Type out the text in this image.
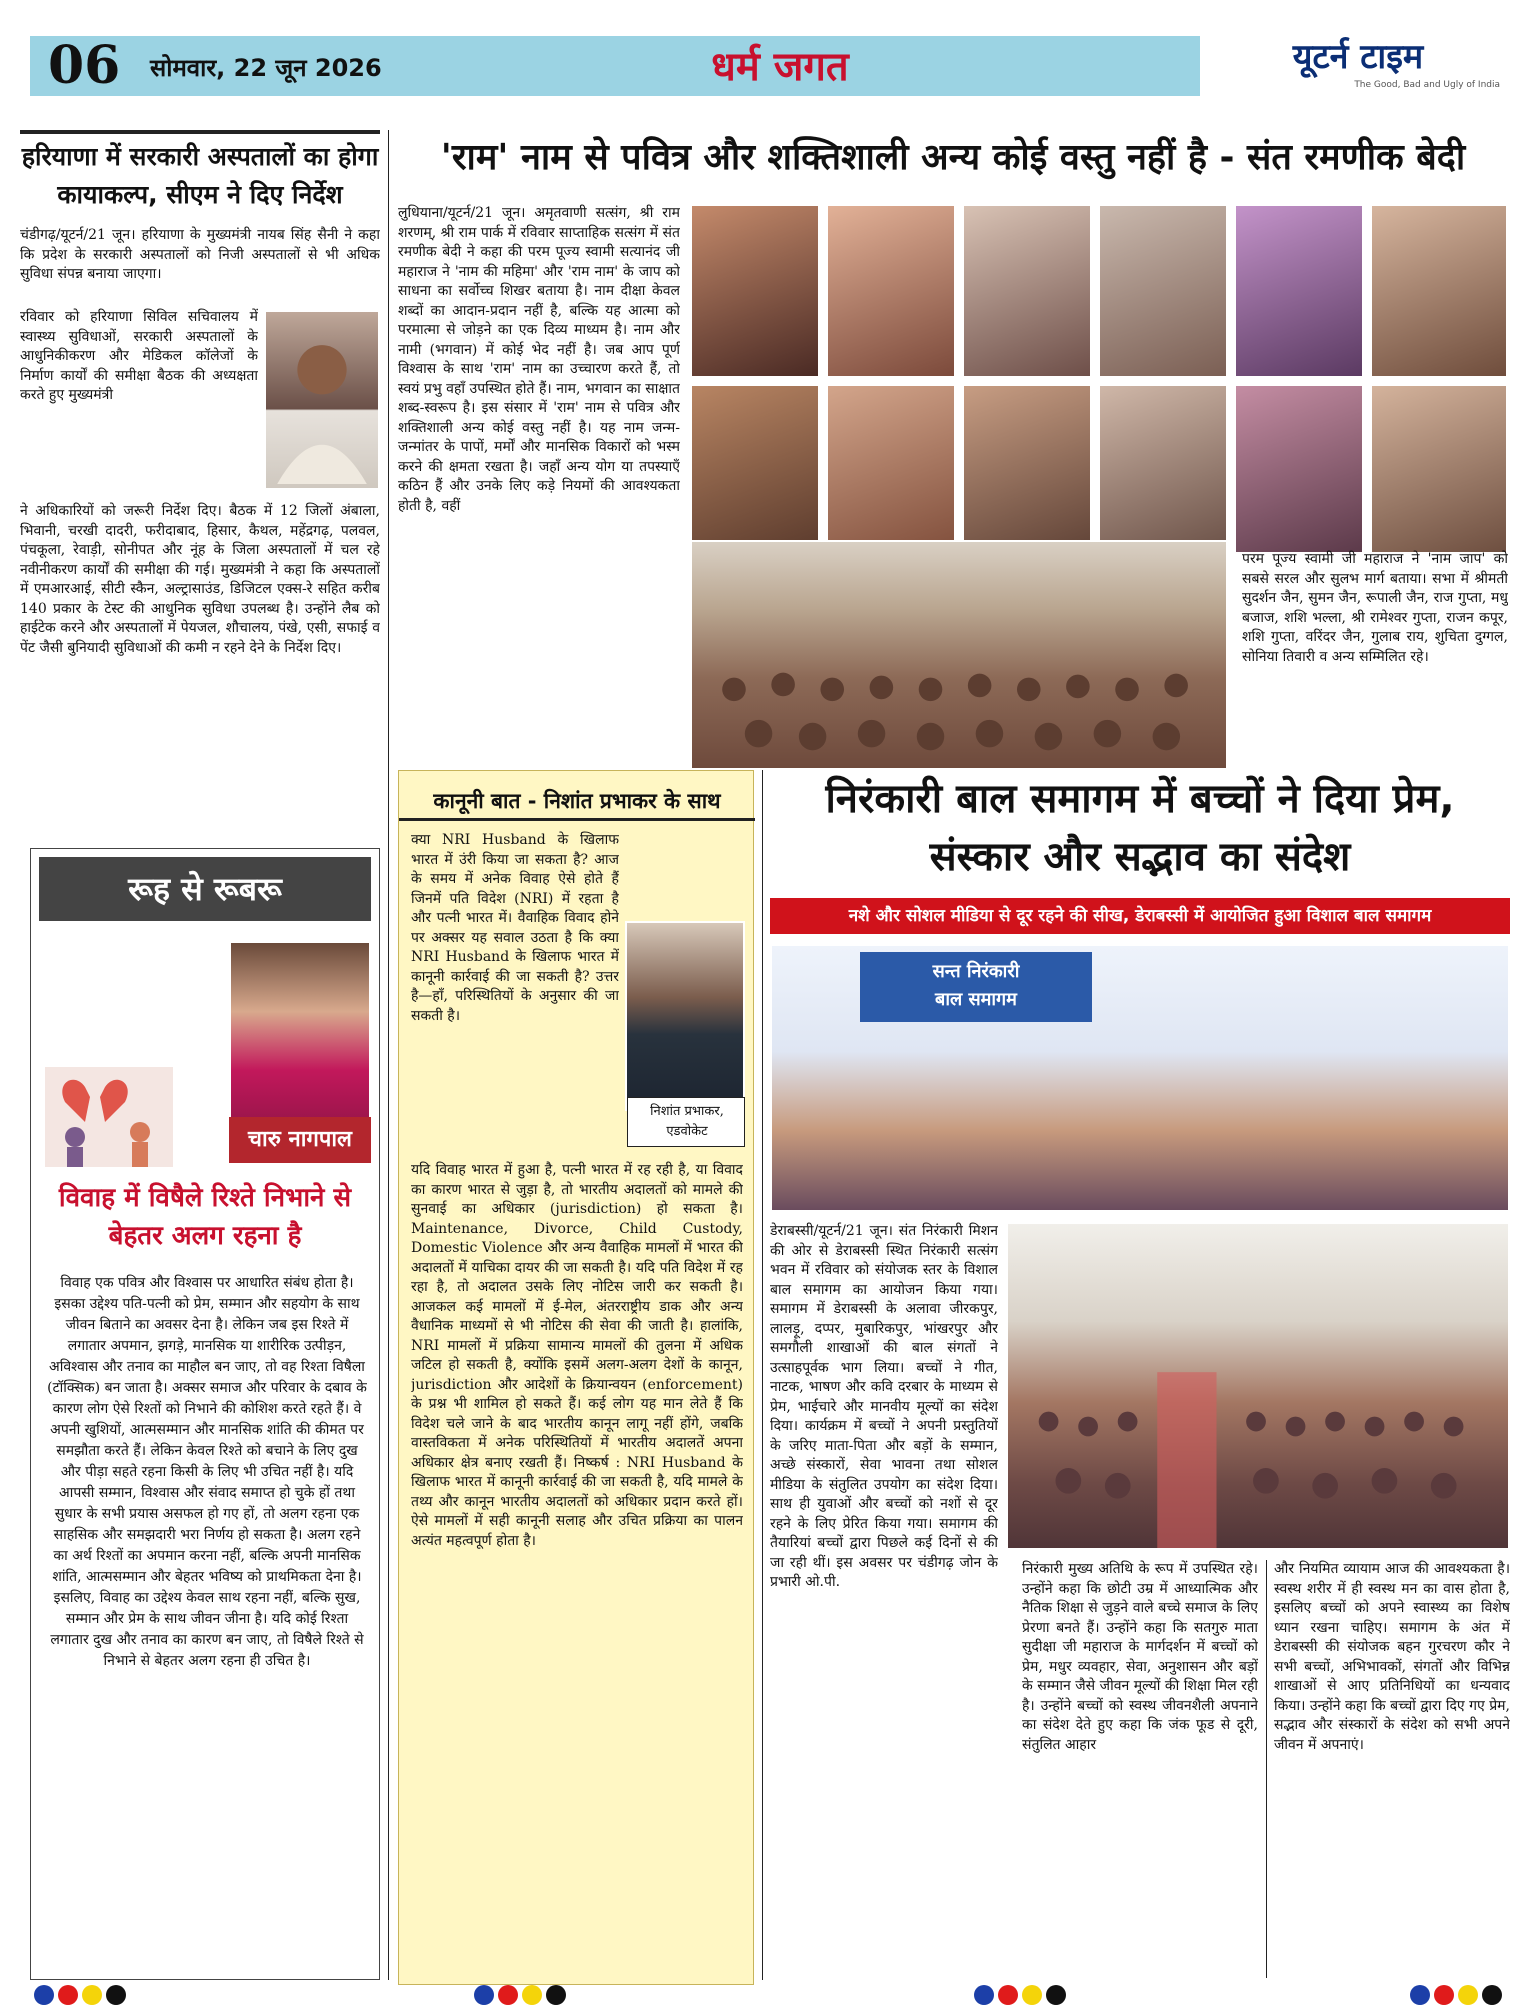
06	सोमवार, 22 जून 2026	धर्म जगत	यूटर्न टाइम
The Good, Bad and Ugly of India
हरियाणा में सरकारी अस्पतालों का होगा कायाकल्प, सीएम ने दिए निर्देश
चंडीगढ़/यूटर्न/21 जून। हरियाणा के मुख्यमंत्री नायब सिंह सैनी ने कहा कि प्रदेश के सरकारी अस्पतालों को निजी अस्पतालों से भी अधिक सुविधा संपन्न बनाया जाएगा।
रविवार को हरियाणा सिविल सचिवालय में स्वास्थ्य सुविधाओं, सरकारी अस्पतालों के आधुनिकीकरण और मेडिकल कॉलेजों के निर्माण कार्यों की समीक्षा बैठक की अध्यक्षता करते हुए मुख्यमंत्री
ने अधिकारियों को जरूरी निर्देश दिए। बैठक में 12 जिलों अंबाला, भिवानी, चरखी दादरी, फरीदाबाद, हिसार, कैथल, महेंद्रगढ़, पलवल, पंचकूला, रेवाड़ी, सोनीपत और नूंह के जिला अस्पतालों में चल रहे नवीनीकरण कार्यों की समीक्षा की गई। मुख्यमंत्री ने कहा कि अस्पतालों में एमआरआई, सीटी स्कैन, अल्ट्रासाउंड, डिजिटल एक्स-रे सहित करीब 140 प्रकार के टेस्ट की आधुनिक सुविधा उपलब्ध है। उन्होंने लैब को हाईटेक करने और अस्पतालों में पेयजल, शौचालय, पंखे, एसी, सफाई व पेंट जैसी बुनियादी सुविधाओं की कमी न रहने देने के निर्देश दिए।
'राम' नाम से पवित्र और शक्तिशाली अन्य कोई वस्तु नहीं है - संत रमणीक बेदी
लुधियाना/यूटर्न/21 जून। अमृतवाणी सत्संग, श्री राम शरणम्, श्री राम पार्क में रविवार साप्ताहिक सत्संग में संत रमणीक बेदी ने कहा की परम पूज्य स्वामी सत्यानंद जी महाराज ने 'नाम की महिमा' और 'राम नाम' के जाप को साधना का सर्वोच्च शिखर बताया है। नाम दीक्षा केवल शब्दों का आदान-प्रदान नहीं है, बल्कि यह आत्मा को परमात्मा से जोड़ने का एक दिव्य माध्यम है। नाम और नामी (भगवान) में कोई भेद नहीं है। जब आप पूर्ण विश्वास के साथ 'राम' नाम का उच्चारण करते हैं, तो स्वयं प्रभु वहाँ उपस्थित होते हैं। नाम, भगवान का साक्षात शब्द-स्वरूप है। इस संसार में 'राम' नाम से पवित्र और शक्तिशाली अन्य कोई वस्तु नहीं है। यह नाम जन्म-जन्मांतर के पापों, मर्मों और मानसिक विकारों को भस्म करने की क्षमता रखता है। जहाँ अन्य योग या तपस्याएँ कठिन हैं और उनके लिए कड़े नियमों की आवश्यकता होती है, वहीं
परम पूज्य स्वामी जी महाराज ने 'नाम जाप' को सबसे सरल और सुलभ मार्ग बताया। सभा में श्रीमती सुदर्शन जैन, सुमन जैन, रूपाली जैन, राज गुप्ता, मधु बजाज, शशि भल्ला, श्री रामेश्वर गुप्ता, राजन कपूर, शशि गुप्ता, वरिंदर जैन, गुलाब राय, शुचिता दुग्गल, सोनिया तिवारी व अन्य सम्मिलित रहे।
रूह से रूबरू
चारु नागपाल
विवाह में विषैले रिश्ते निभाने से बेहतर अलग रहना है
विवाह एक पवित्र और विश्वास पर आधारित संबंध होता है। इसका उद्देश्य पति-पत्नी को प्रेम, सम्मान और सहयोग के साथ जीवन बिताने का अवसर देना है। लेकिन जब इस रिश्ते में लगातार अपमान, झगड़े, मानसिक या शारीरिक उत्पीड़न, अविश्वास और तनाव का माहौल बन जाए, तो वह रिश्ता विषैला (टॉक्सिक) बन जाता है। अक्सर समाज और परिवार के दबाव के कारण लोग ऐसे रिश्तों को निभाने की कोशिश करते रहते हैं। वे अपनी खुशियों, आत्मसम्मान और मानसिक शांति की कीमत पर समझौता करते हैं। लेकिन केवल रिश्ते को बचाने के लिए दुख और पीड़ा सहते रहना किसी के लिए भी उचित नहीं है। यदि आपसी सम्मान, विश्वास और संवाद समाप्त हो चुके हों तथा सुधार के सभी प्रयास असफल हो गए हों, तो अलग रहना एक साहसिक और समझदारी भरा निर्णय हो सकता है। अलग रहने का अर्थ रिश्तों का अपमान करना नहीं, बल्कि अपनी मानसिक शांति, आत्मसम्मान और बेहतर भविष्य को प्राथमिकता देना है। इसलिए, विवाह का उद्देश्य केवल साथ रहना नहीं, बल्कि सुख, सम्मान और प्रेम के साथ जीवन जीना है। यदि कोई रिश्ता लगातार दुख और तनाव का कारण बन जाए, तो विषैले रिश्ते से निभाने से बेहतर अलग रहना ही उचित है।
कानूनी बात - निशांत प्रभाकर के साथ
क्या NRI Husband के खिलाफ भारत में उंरी किया जा सकता है? आज के समय में अनेक विवाह ऐसे होते हैं जिनमें पति विदेश (NRI) में रहता है और पत्नी भारत में। वैवाहिक विवाद होने पर अक्सर यह सवाल उठता है कि क्या NRI Husband के खिलाफ भारत में कानूनी कार्रवाई की जा सकती है? उत्तर है—हाँ, परिस्थितियों के अनुसार की जा सकती है।
निशांत प्रभाकर, एडवोकेट
यदि विवाह भारत में हुआ है, पत्नी भारत में रह रही है, या विवाद का कारण भारत से जुड़ा है, तो भारतीय अदालतों को मामले की सुनवाई का अधिकार (jurisdiction) हो सकता है। Maintenance, Divorce, Child Custody, Domestic Violence और अन्य वैवाहिक मामलों में भारत की अदालतों में याचिका दायर की जा सकती है। यदि पति विदेश में रह रहा है, तो अदालत उसके लिए नोटिस जारी कर सकती है। आजकल कई मामलों में ई-मेल, अंतरराष्ट्रीय डाक और अन्य वैधानिक माध्यमों से भी नोटिस की सेवा की जाती है। हालांकि, NRI मामलों में प्रक्रिया सामान्य मामलों की तुलना में अधिक जटिल हो सकती है, क्योंकि इसमें अलग-अलग देशों के कानून, jurisdiction और आदेशों के क्रियान्वयन (enforcement) के प्रश्न भी शामिल हो सकते हैं। कई लोग यह मान लेते हैं कि विदेश चले जाने के बाद भारतीय कानून लागू नहीं होंगे, जबकि वास्तविकता में अनेक परिस्थितियों में भारतीय अदालतें अपना अधिकार क्षेत्र बनाए रखती हैं। निष्कर्ष : NRI Husband के खिलाफ भारत में कानूनी कार्रवाई की जा सकती है, यदि मामले के तथ्य और कानून भारतीय अदालतों को अधिकार प्रदान करते हों। ऐसे मामलों में सही कानूनी सलाह और उचित प्रक्रिया का पालन अत्यंत महत्वपूर्ण होता है।
निरंकारी बाल समागम में बच्चों ने दिया प्रेम, संस्कार और सद्भाव का संदेश
नशे और सोशल मीडिया से दूर रहने की सीख, डेराबस्सी में आयोजित हुआ विशाल बाल समागम
सन्त निरंकारी
बाल समागम
डेराबस्सी/यूटर्न/21 जून। संत निरंकारी मिशन की ओर से डेराबस्सी स्थित निरंकारी सत्संग भवन में रविवार को संयोजक स्तर के विशाल बाल समागम का आयोजन किया गया। समागम में डेराबस्सी के अलावा जीरकपुर, लालड़ू, दप्पर, मुबारिकपुर, भांखरपुर और समगौली शाखाओं की बाल संगतों ने उत्साहपूर्वक भाग लिया। बच्चों ने गीत, नाटक, भाषण और कवि दरबार के माध्यम से प्रेम, भाईचारे और मानवीय मूल्यों का संदेश दिया। कार्यक्रम में बच्चों ने अपनी प्रस्तुतियों के जरिए माता-पिता और बड़ों के सम्मान, अच्छे संस्कारों, सेवा भावना तथा सोशल मीडिया के संतुलित उपयोग का संदेश दिया। साथ ही युवाओं और बच्चों को नशों से दूर रहने के लिए प्रेरित किया गया। समागम की तैयारियां बच्चों द्वारा पिछले कई दिनों से की जा रही थीं। इस अवसर पर चंडीगढ़ जोन के प्रभारी ओ.पी.
निरंकारी मुख्य अतिथि के रूप में उपस्थित रहे। उन्होंने कहा कि छोटी उम्र में आध्यात्मिक और नैतिक शिक्षा से जुड़ने वाले बच्चे समाज के लिए प्रेरणा बनते हैं। उन्होंने कहा कि सतगुरु माता सुदीक्षा जी महाराज के मार्गदर्शन में बच्चों को प्रेम, मधुर व्यवहार, सेवा, अनुशासन और बड़ों के सम्मान जैसे जीवन मूल्यों की शिक्षा मिल रही है। उन्होंने बच्चों को स्वस्थ जीवनशैली अपनाने का संदेश देते हुए कहा कि जंक फूड से दूरी, संतुलित आहार
और नियमित व्यायाम आज की आवश्यकता है। स्वस्थ शरीर में ही स्वस्थ मन का वास होता है, इसलिए बच्चों को अपने स्वास्थ्य का विशेष ध्यान रखना चाहिए। समागम के अंत में डेराबस्सी की संयोजक बहन गुरचरण कौर ने सभी बच्चों, अभिभावकों, संगतों और विभिन्न शाखाओं से आए प्रतिनिधियों का धन्यवाद किया। उन्होंने कहा कि बच्चों द्वारा दिए गए प्रेम, सद्भाव और संस्कारों के संदेश को सभी अपने जीवन में अपनाएं।
